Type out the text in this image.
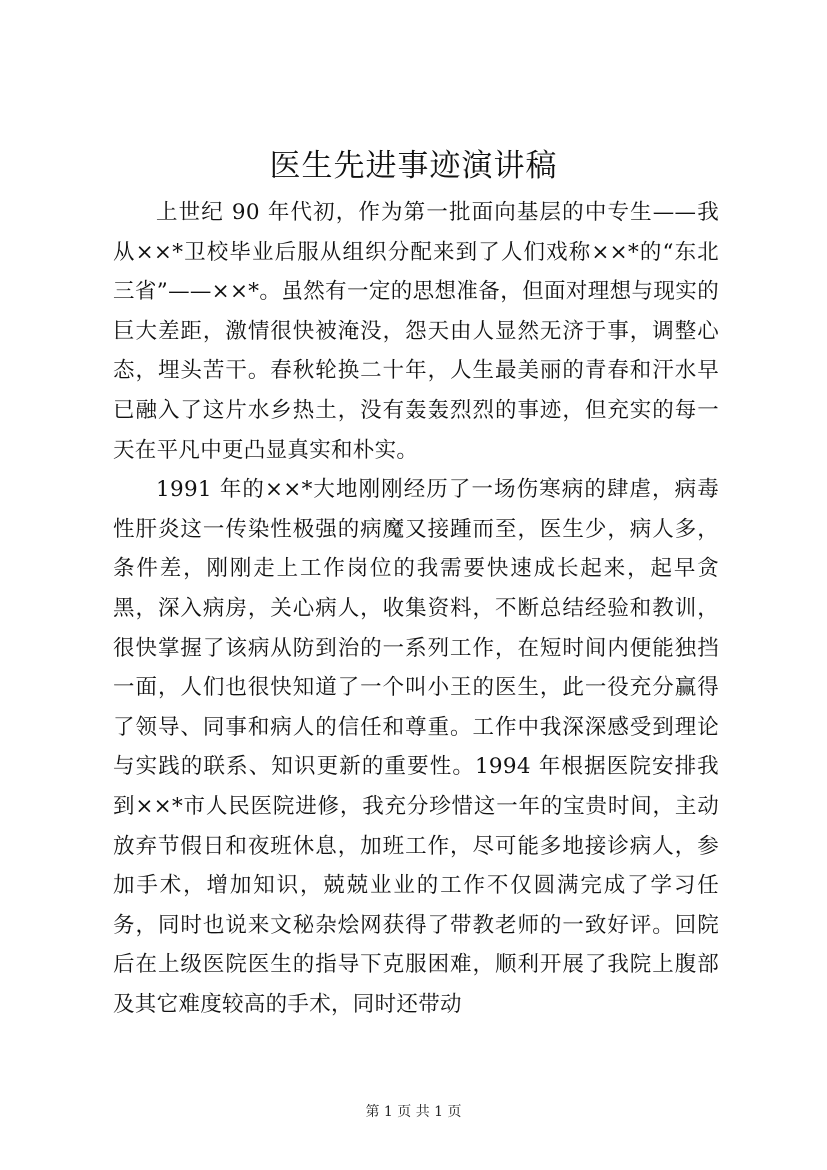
医生先进事迹演讲稿

上世纪 90 年代初，作为第一批面向基层的中专生——我从××*卫校毕业后服从组织分配来到了人们戏称××*的“东北三省”——××*。虽然有一定的思想准备，但面对理想与现实的巨大差距，激情很快被淹没，怨天由人显然无济于事，调整心态，埋头苦干。春秋轮换二十年，人生最美丽的青春和汗水早已融入了这片水乡热土，没有轰轰烈烈的事迹，但充实的每一天在平凡中更凸显真实和朴实。

1991 年的××*大地刚刚经历了一场伤寒病的肆虐，病毒性肝炎这一传染性极强的病魔又接踵而至，医生少，病人多，条件差，刚刚走上工作岗位的我需要快速成长起来，起早贪黑，深入病房，关心病人，收集资料，不断总结经验和教训，很快掌握了该病从防到治的一系列工作，在短时间内便能独挡一面，人们也很快知道了一个叫小王的医生，此一役充分赢得了领导、同事和病人的信任和尊重。工作中我深深感受到理论与实践的联系、知识更新的重要性。1994 年根据医院安排我到××*市人民医院进修，我充分珍惜这一年的宝贵时间，主动放弃节假日和夜班休息，加班工作，尽可能多地接诊病人，参加手术，增加知识，兢兢业业的工作不仅圆满完成了学习任务，同时也说来文秘杂烩网获得了带教老师的一致好评。回院后在上级医院医生的指导下克服困难，顺利开展了我院上腹部及其它难度较高的手术，同时还带动

第 1 页 共 1 页
